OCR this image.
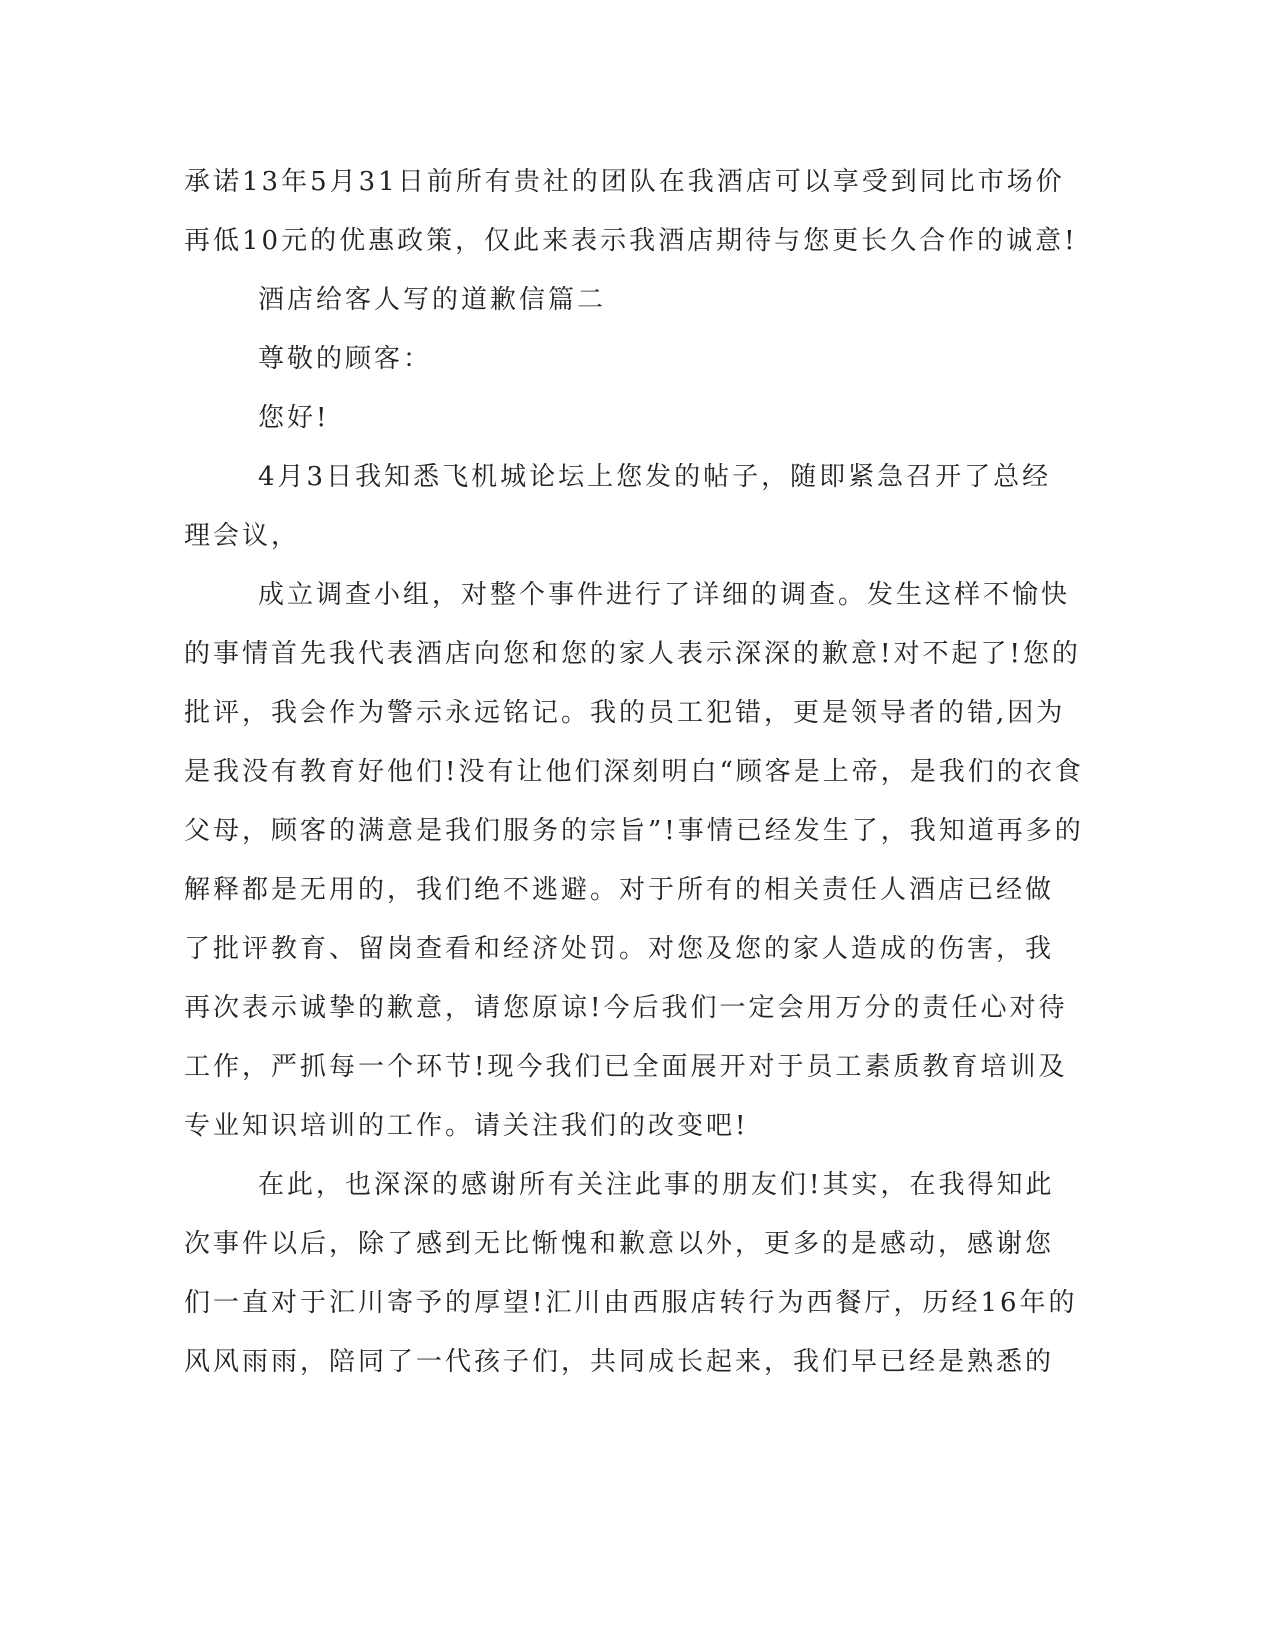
承诺13年5月31日前所有贵社的团队在我酒店可以享受到同比市场价
再低10元的优惠政策，仅此来表示我酒店期待与您更长久合作的诚意!
酒店给客人写的道歉信篇二
尊敬的顾客：
您好!
4月3日我知悉飞机城论坛上您发的帖子，随即紧急召开了总经
理会议，
成立调查小组，对整个事件进行了详细的调查。发生这样不愉快
的事情首先我代表酒店向您和您的家人表示深深的歉意!对不起了!您的
批评，我会作为警示永远铭记。我的员工犯错，更是领导者的错,因为
是我没有教育好他们!没有让他们深刻明白“顾客是上帝，是我们的衣食
父母，顾客的满意是我们服务的宗旨”!事情已经发生了，我知道再多的
解释都是无用的，我们绝不逃避。对于所有的相关责任人酒店已经做
了批评教育、留岗查看和经济处罚。对您及您的家人造成的伤害，我
再次表示诚挚的歉意，请您原谅!今后我们一定会用万分的责任心对待
工作，严抓每一个环节!现今我们已全面展开对于员工素质教育培训及
专业知识培训的工作。请关注我们的改变吧!
在此，也深深的感谢所有关注此事的朋友们!其实，在我得知此
次事件以后，除了感到无比惭愧和歉意以外，更多的是感动，感谢您
们一直对于汇川寄予的厚望!汇川由西服店转行为西餐厅，历经16年的
风风雨雨，陪同了一代孩子们，共同成长起来，我们早已经是熟悉的
